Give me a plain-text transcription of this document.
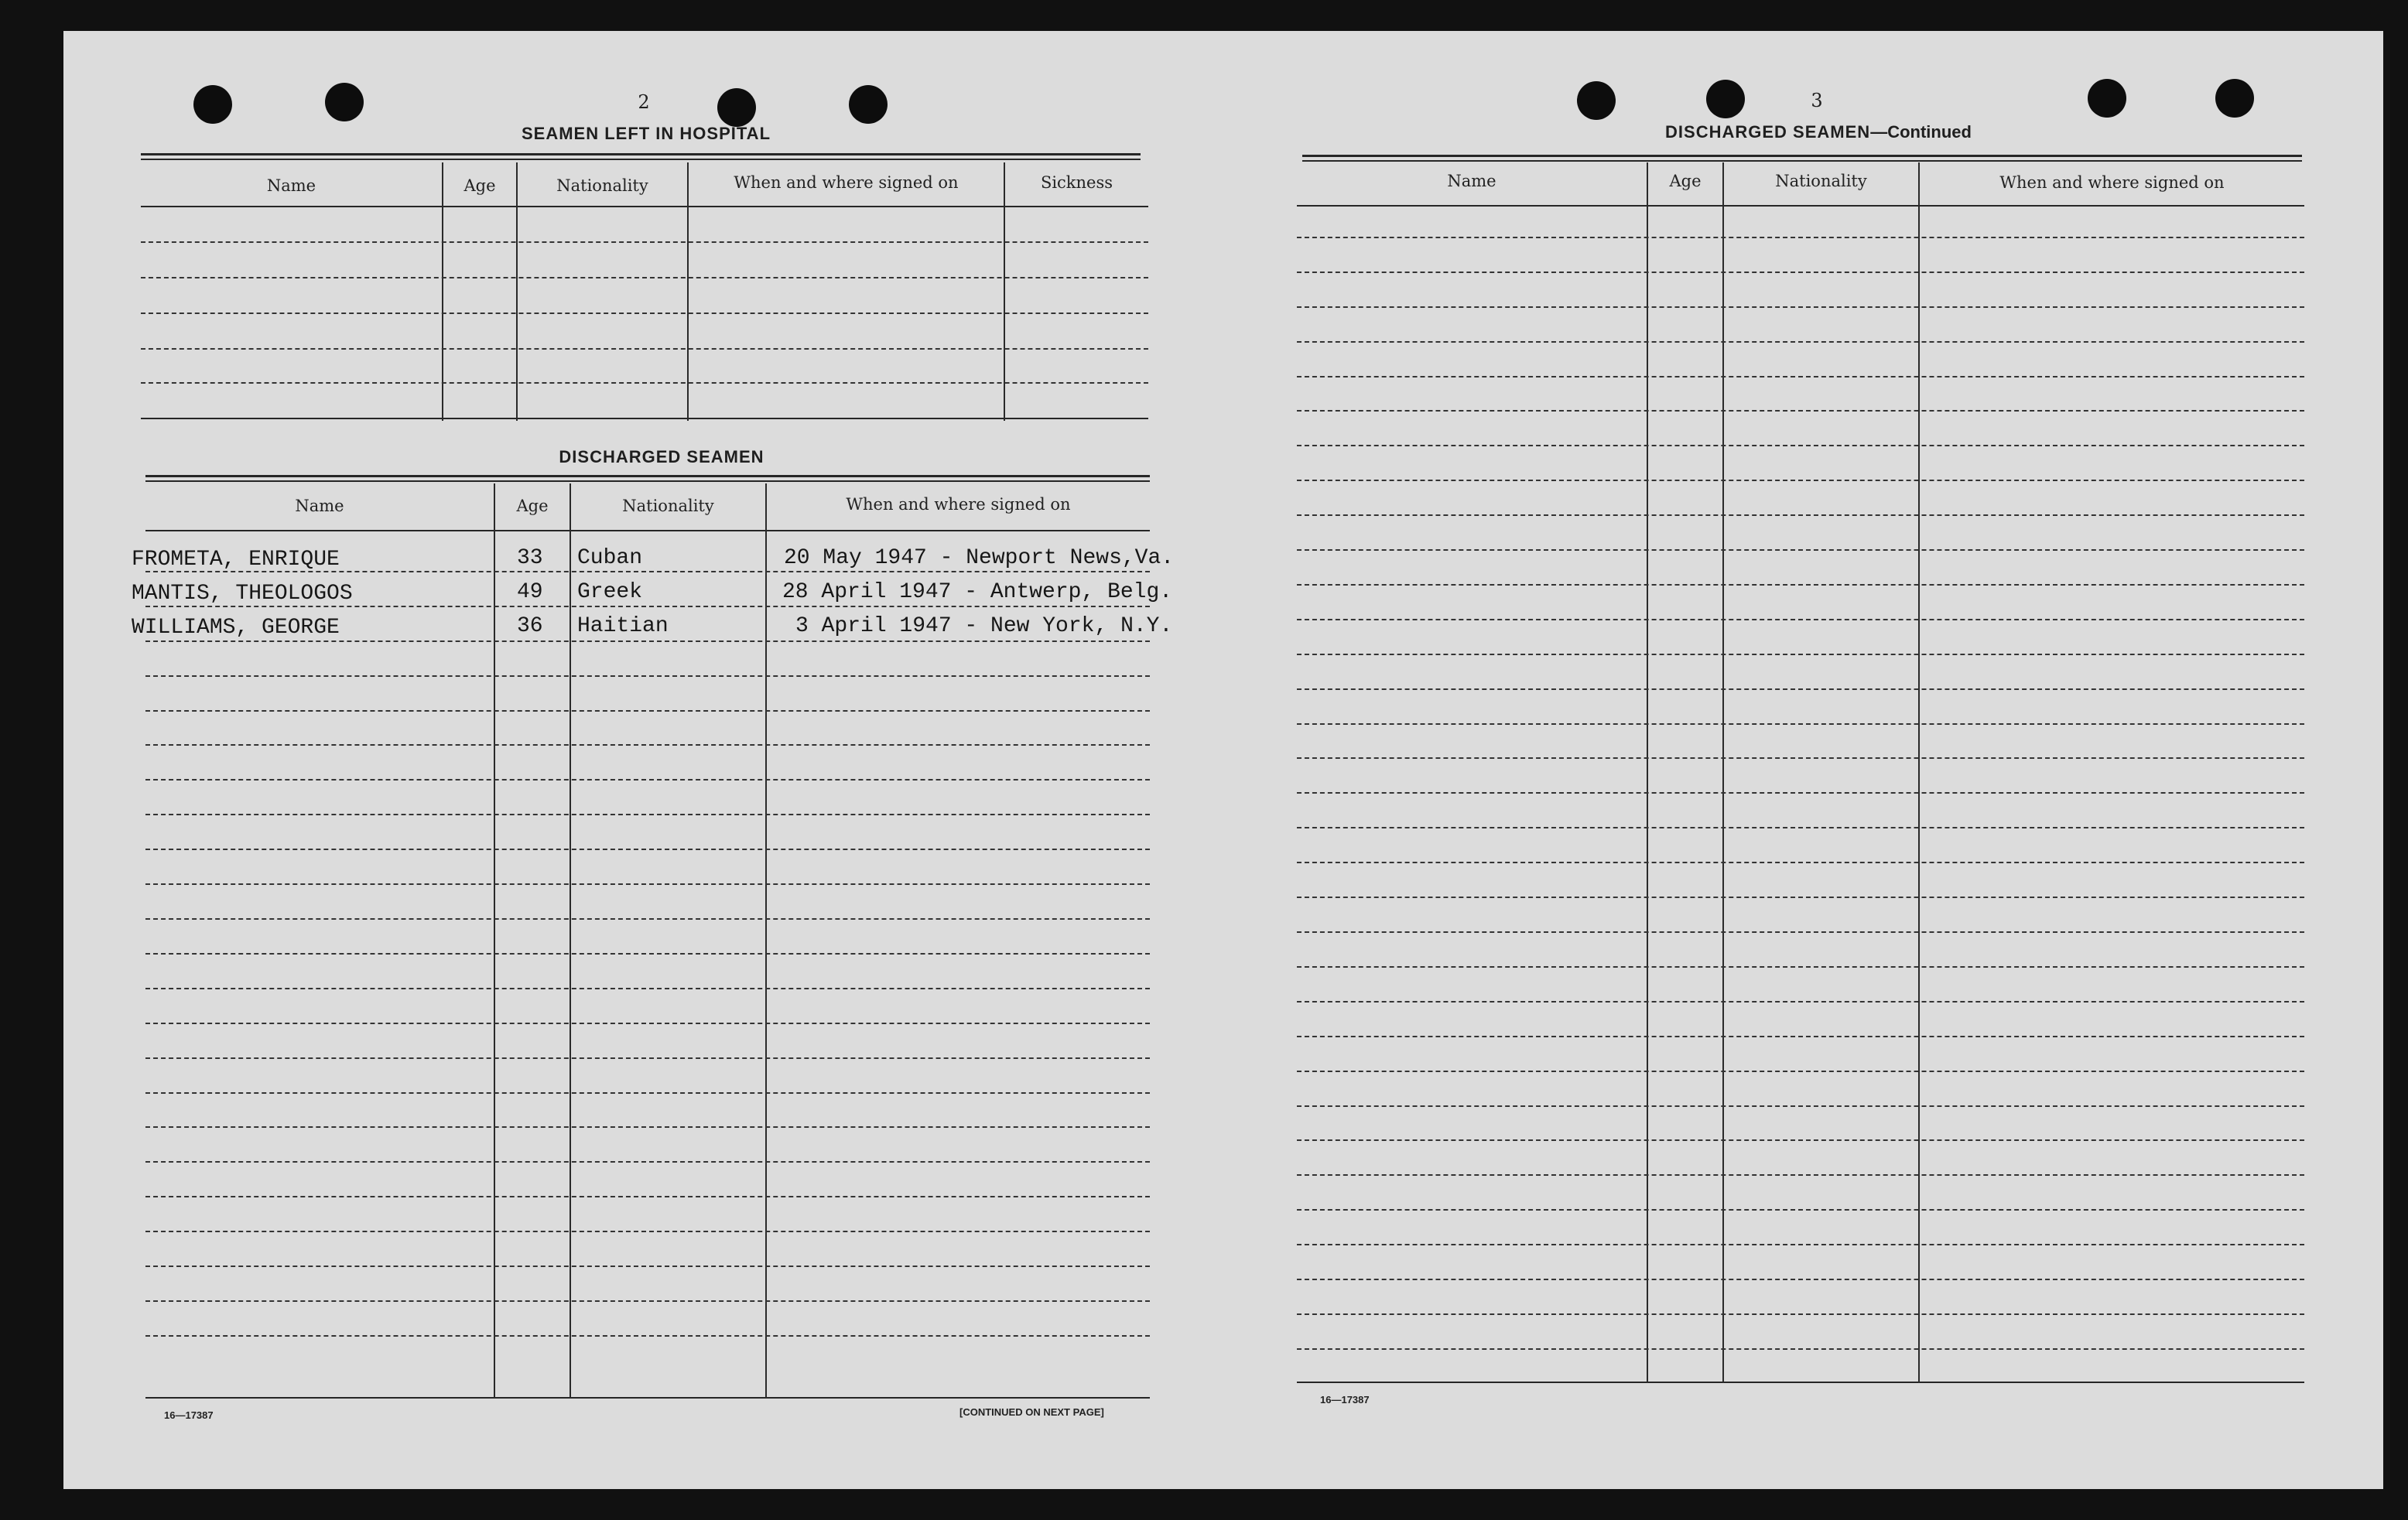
2
SEAMEN LEFT IN HOSPITAL
Name	Age	Nationality	When and where signed on	Sickness
DISCHARGED SEAMEN
Name	Age	Nationality	When and where signed on
FROMETA, ENRIQUE	33 Cuban	20 May 1947 - Newport News,Va.
MANTIS, THEOLOGOS	49 Greek	28 April 1947 - Antwerp, Belg.
WILLIAMS, GEORGE	36 Haitian	3 April 1947 - New York, N.Y.
16—17387	[CONTINUED ON NEXT PAGE]
3
DISCHARGED SEAMEN—Continued
Name	Age	Nationality	When and where signed on
16—17387
